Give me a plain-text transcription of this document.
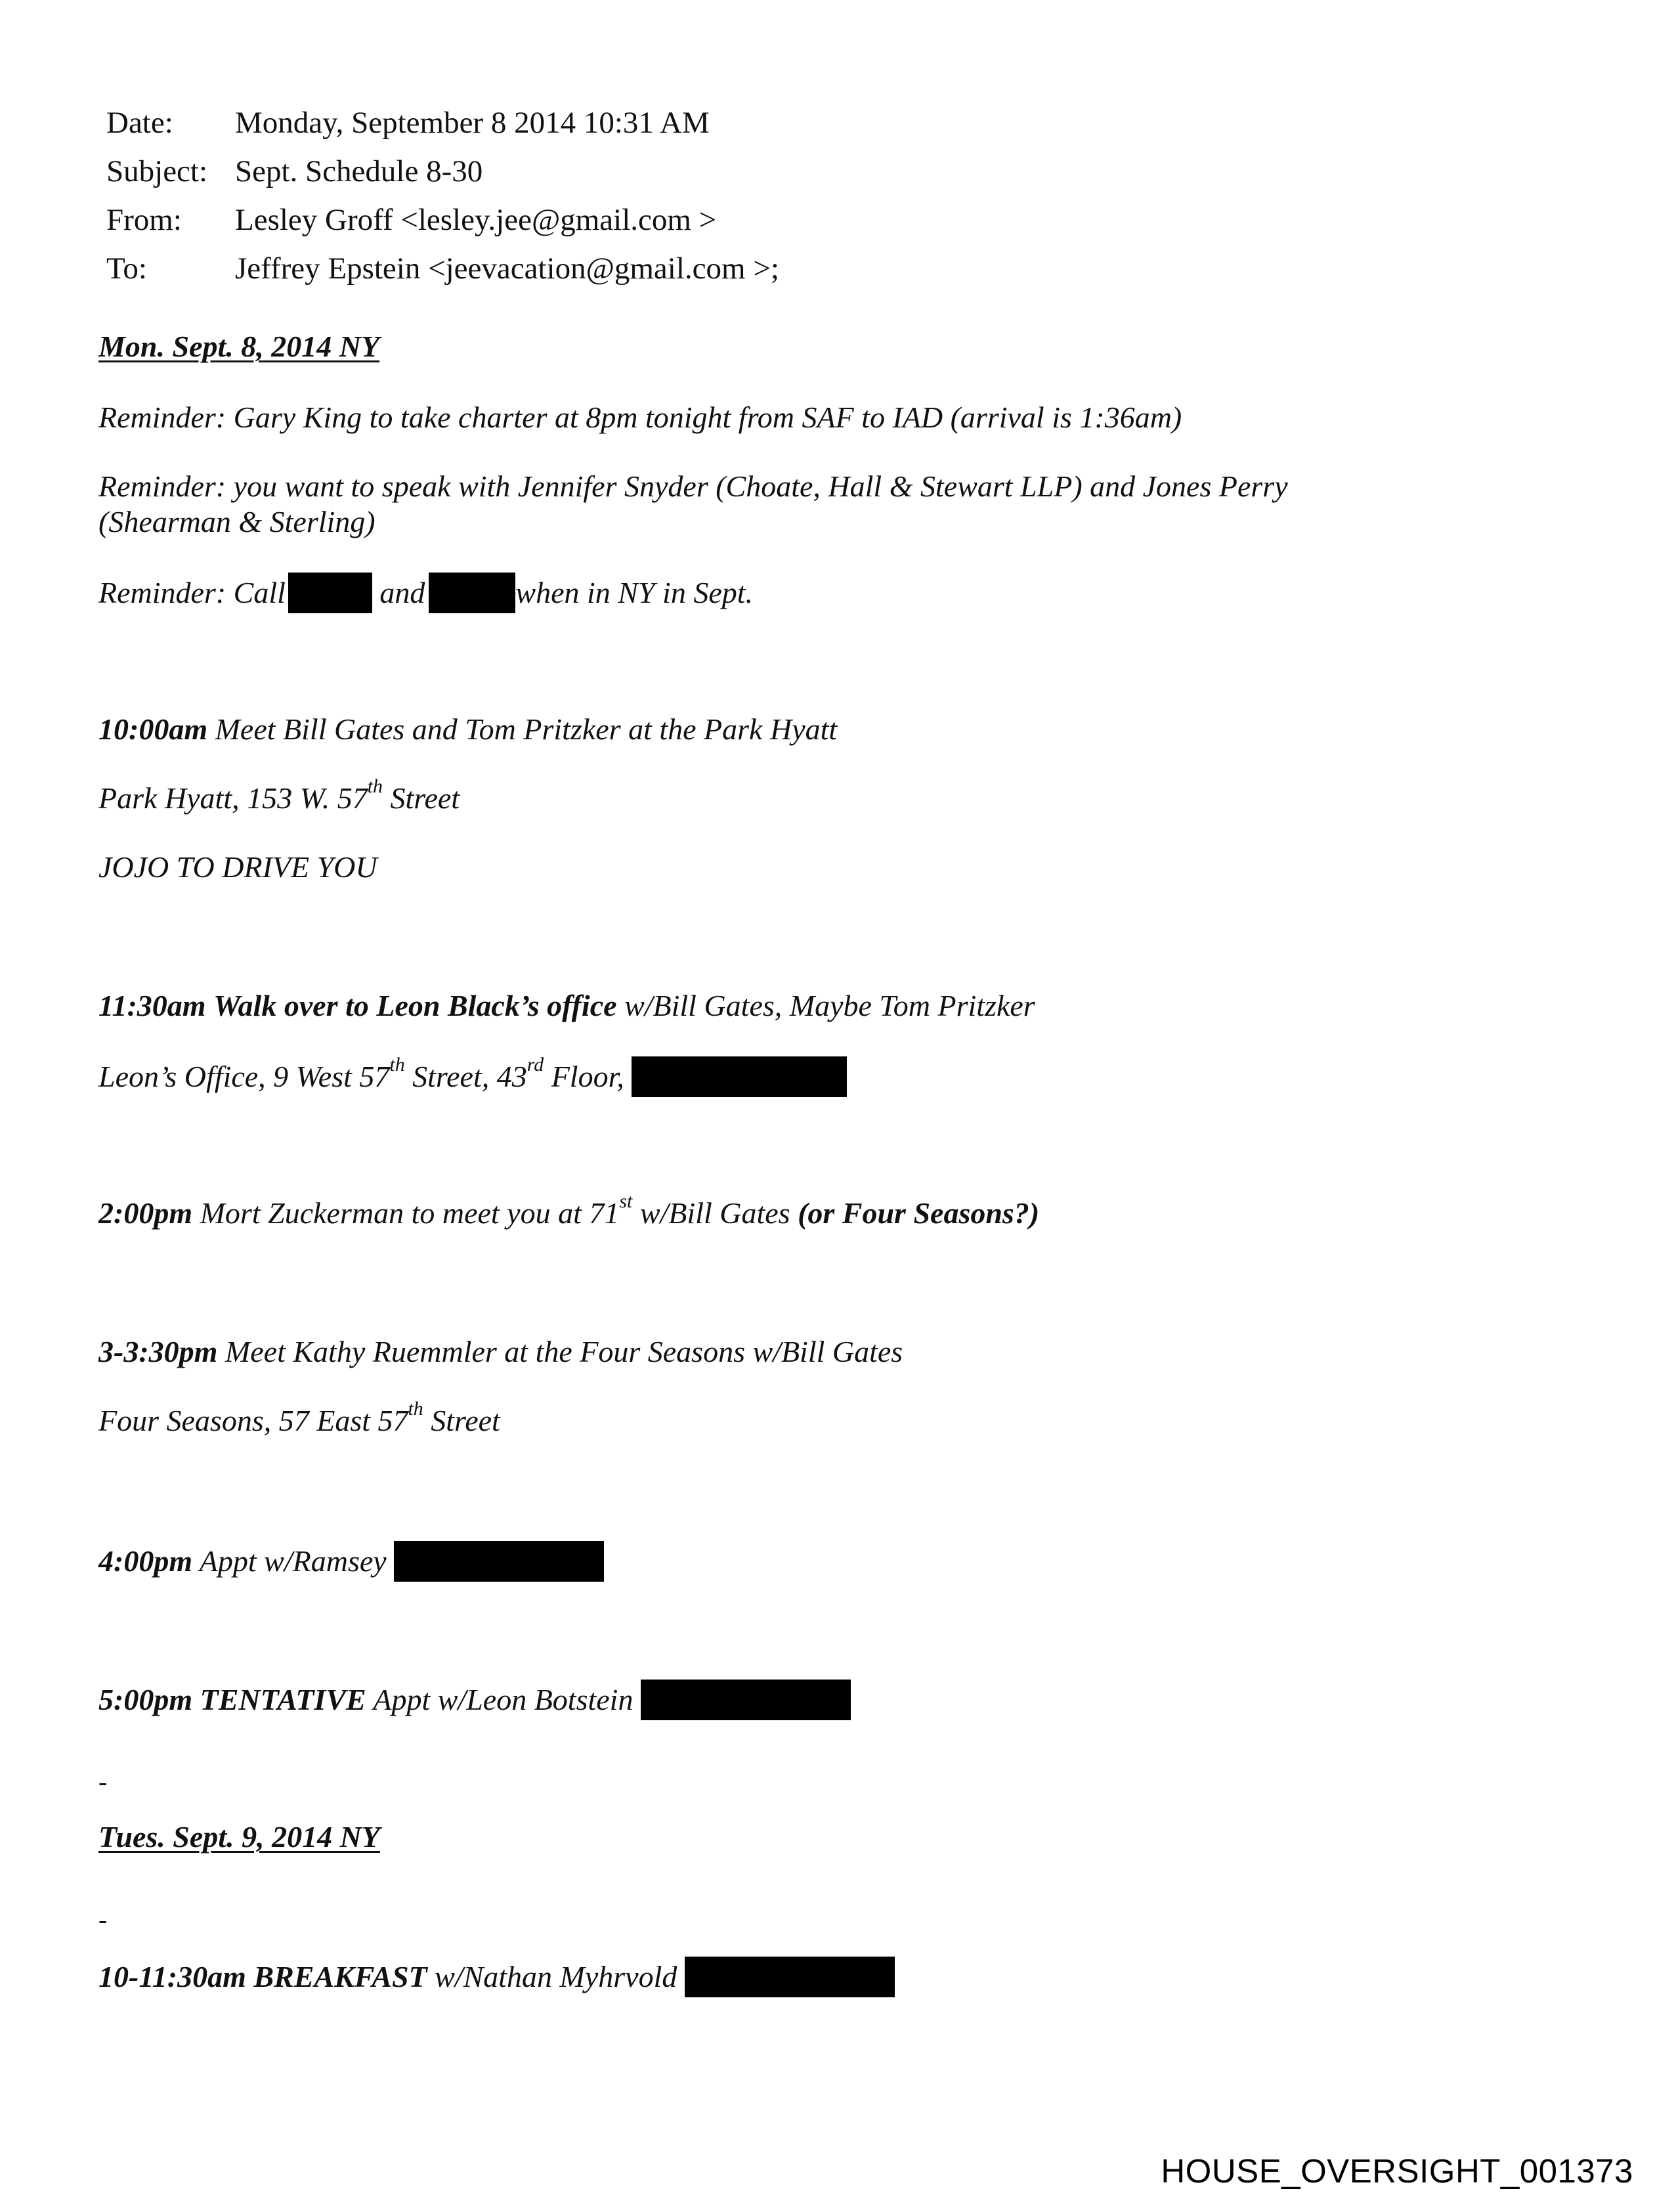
Date:	Monday, September 8 2014 10:31 AM
Subject: Sept. Schedule 8-30
From:	Lesley Groff <lesley.jee@gmail.com >
To:	Jeffrey Epstein <jeevacation@gmail.com >;
Mon. Sept. 8, 2014 NY
Reminder: Gary King to take charter at 8pm tonight from SAF to IAD (arrival is 1:36am)
Reminder: you want to speak with Jennifer Snyder (Choate, Hall & Stewart LLP) and Jones Perry
(Shearman & Sterling)
Reminder: Call	and	when in NY in Sept.
10:00am Meet Bill Gates and Tom Pritzker at the Park Hyatt
Park Hyatt, 153 W. 57th Street
JOJO TO DRIVE YOU
11:30am Walk over to Leon Black’s office w/Bill Gates, Maybe Tom Pritzker
Leon’s Office, 9 West 57th Street, 43rd Floor,
2:00pm Mort Zuckerman to meet you at 71st w/Bill Gates (or Four Seasons?)
3-3:30pm Meet Kathy Ruemmler at the Four Seasons w/Bill Gates
Four Seasons, 57 East 57th Street
4:00pm Appt w/Ramsey
5:00pm TENTATIVE Appt w/Leon Botstein
-
Tues. Sept. 9, 2014 NY
-
10-11:30am BREAKFAST w/Nathan Myhrvold
HOUSE_OVERSIGHT_001373
